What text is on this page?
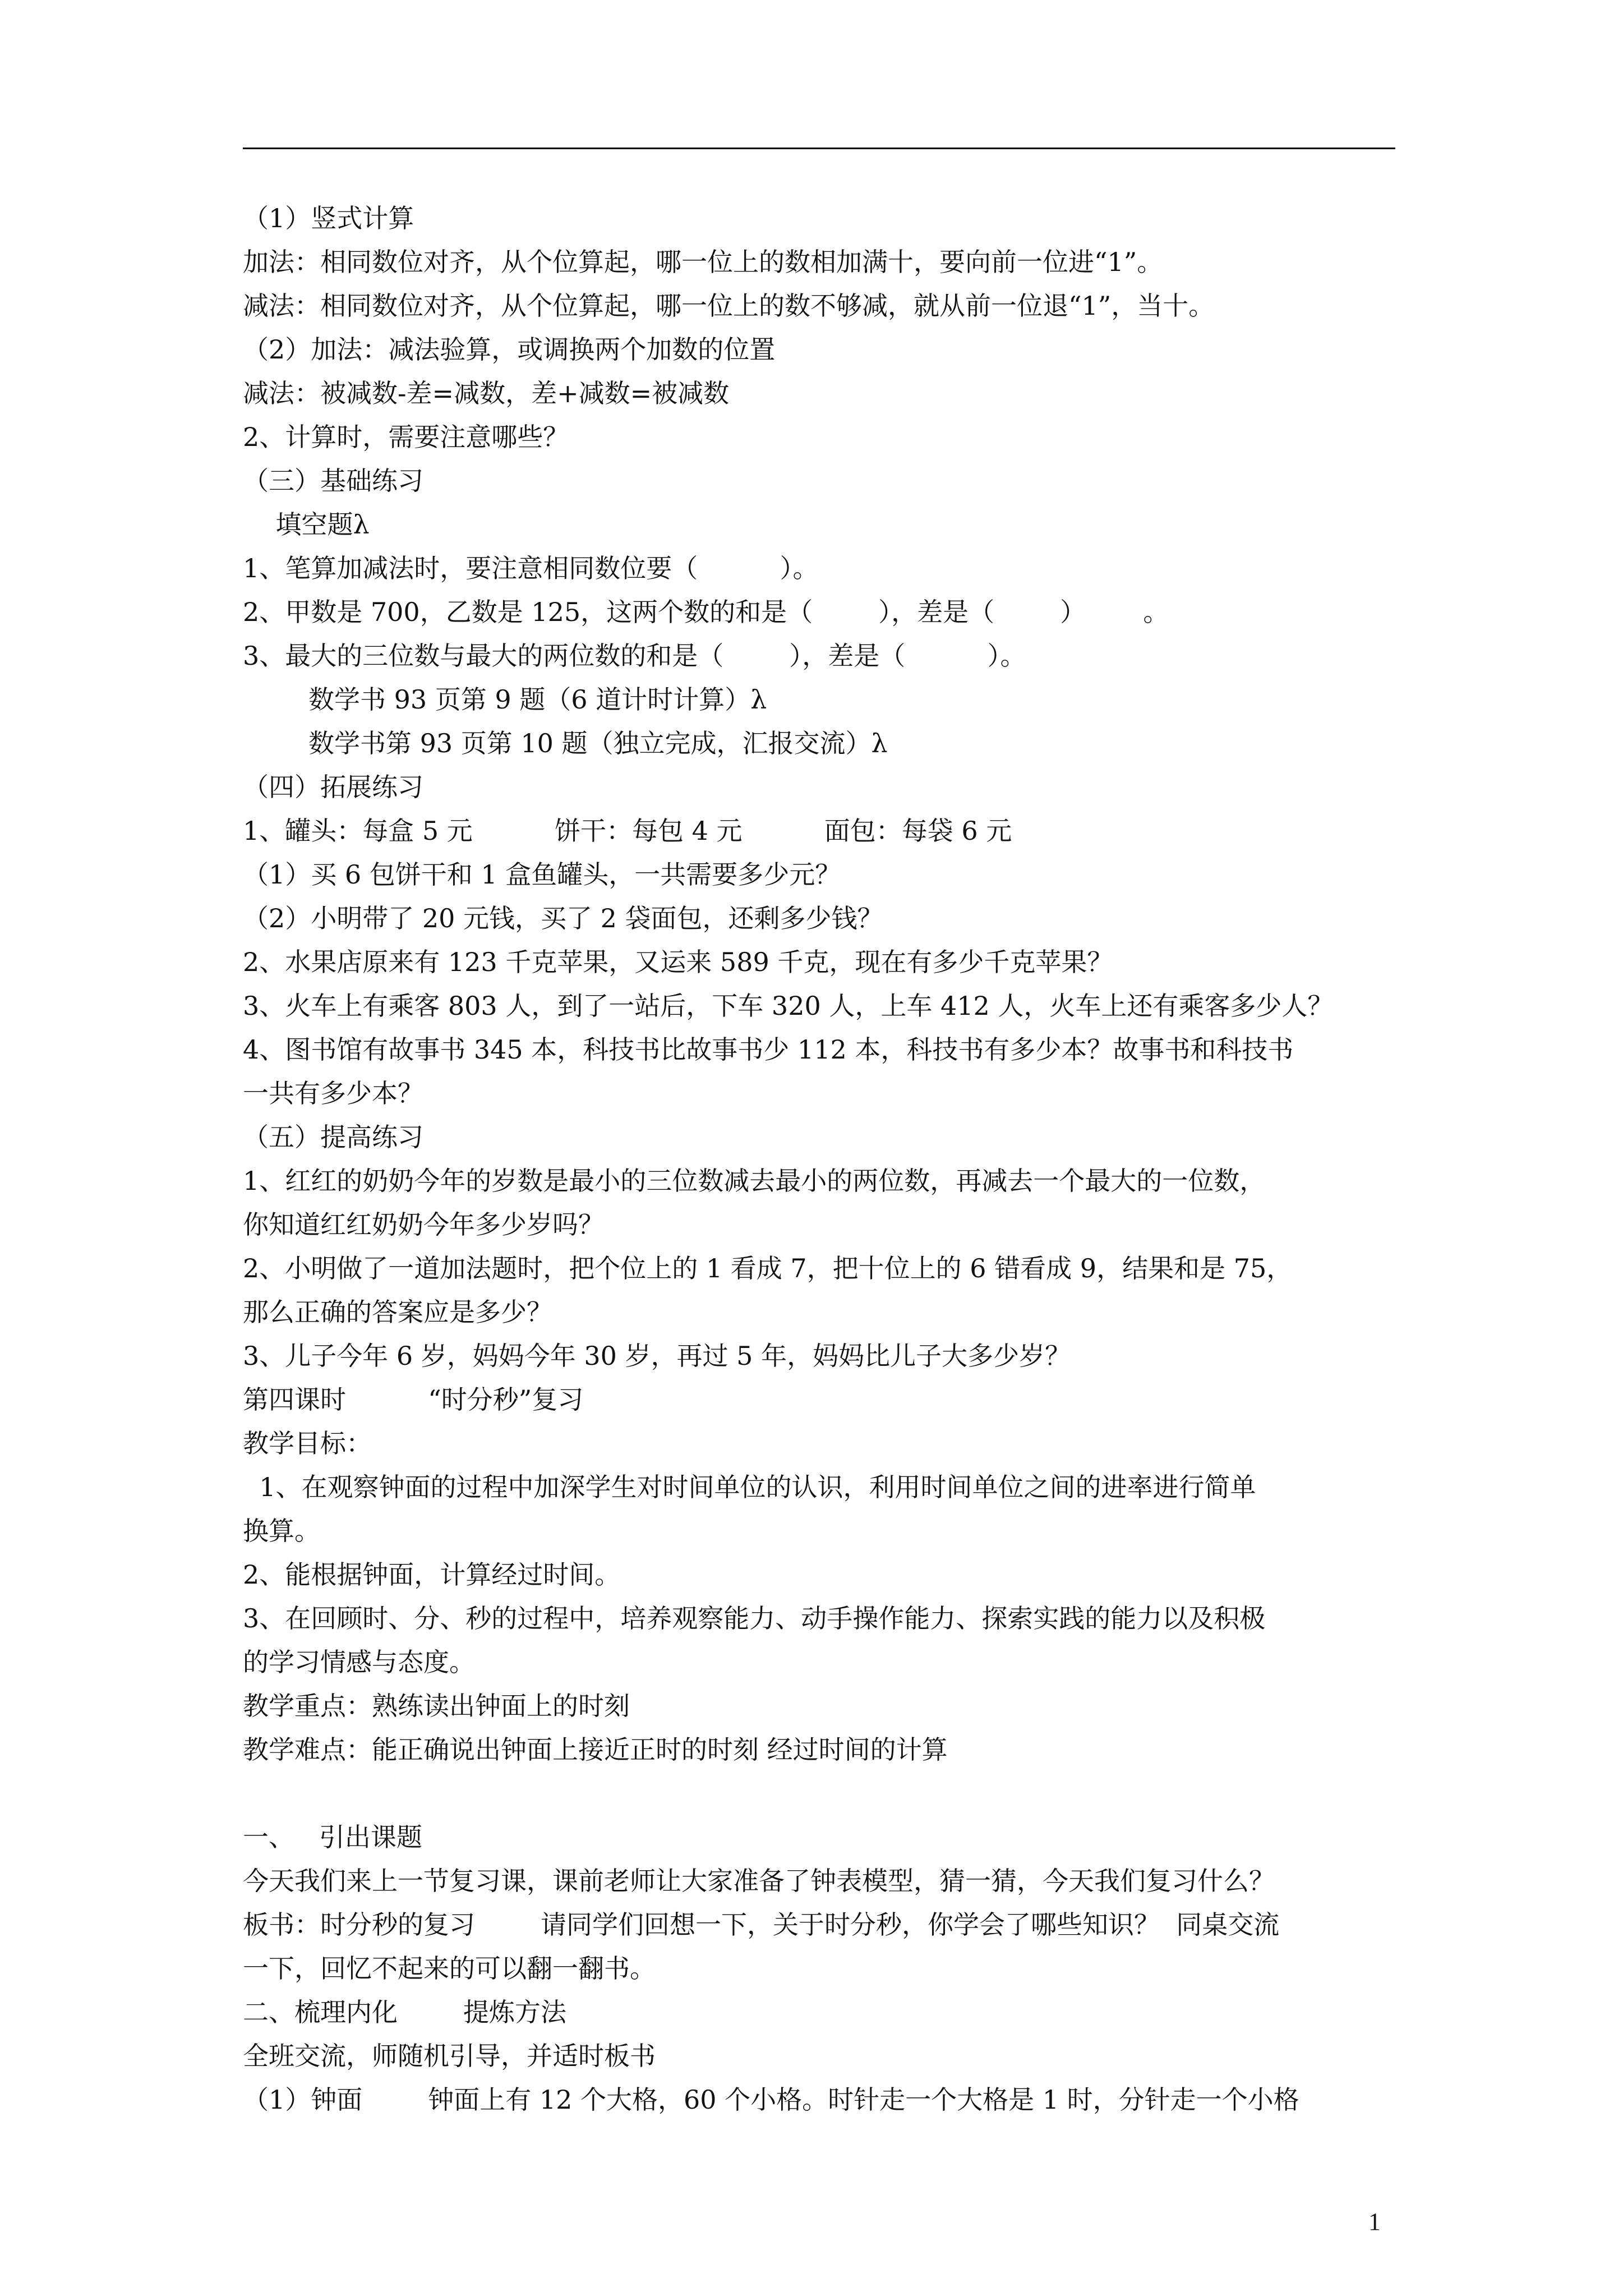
（1）竖式计算

加法：相同数位对齐，从个位算起，哪一位上的数相加满十，要向前一位进“1”。

减法：相同数位对齐，从个位算起，哪一位上的数不够减，就从前一位退“1”，当十。

（2）加法：减法验算，或调换两个加数的位置

减法：被减数-差=减数，差+减数=被减数

2、计算时，需要注意哪些？

（三）基础练习

填空题λ

1、笔算加减法时，要注意相同数位要（          ）。

2、甲数是 700，乙数是 125，这两个数的和是（        ），差是（        ）       。

3、最大的三位数与最大的两位数的和是（        ），差是（          ）。

数学书 93 页第 9 题（6 道计时计算）λ

数学书第 93 页第 10 题（独立完成，汇报交流）λ

（四）拓展练习

1、罐头：每盒 5 元          饼干：每包 4 元          面包：每袋 6 元

（1）买 6 包饼干和 1 盒鱼罐头，一共需要多少元？

（2）小明带了 20 元钱，买了 2 袋面包，还剩多少钱？

2、水果店原来有 123 千克苹果，又运来 589 千克，现在有多少千克苹果？

3、火车上有乘客 803 人，到了一站后，下车 320 人，上车 412 人，火车上还有乘客多少人？

4、图书馆有故事书 345 本，科技书比故事书少 112 本，科技书有多少本？故事书和科技书

一共有多少本？

（五）提高练习

1、红红的奶奶今年的岁数是最小的三位数减去最小的两位数，再减去一个最大的一位数，

你知道红红奶奶今年多少岁吗？

2、小明做了一道加法题时，把个位上的 1 看成 7，把十位上的 6 错看成 9，结果和是 75，

那么正确的答案应是多少？

3、儿子今年 6 岁，妈妈今年 30 岁，再过 5 年，妈妈比儿子大多少岁？

第四课时          “时分秒”复习

教学目标：

1、在观察钟面的过程中加深学生对时间单位的认识，利用时间单位之间的进率进行简单

换算。

2、能根据钟面，计算经过时间。

3、在回顾时、分、秒的过程中，培养观察能力、动手操作能力、探索实践的能力以及积极

的学习情感与态度。

教学重点：熟练读出钟面上的时刻

教学难点：能正确说出钟面上接近正时的时刻 经过时间的计算

一、   引出课题

今天我们来上一节复习课，课前老师让大家准备了钟表模型，猜一猜，今天我们复习什么？

板书：时分秒的复习        请同学们回想一下，关于时分秒，你学会了哪些知识？  同桌交流

一下，回忆不起来的可以翻一翻书。

二、梳理内化        提炼方法

全班交流，师随机引导，并适时板书

（1）钟面        钟面上有 12 个大格，60 个小格。时针走一个大格是 1 时，分针走一个小格

1
